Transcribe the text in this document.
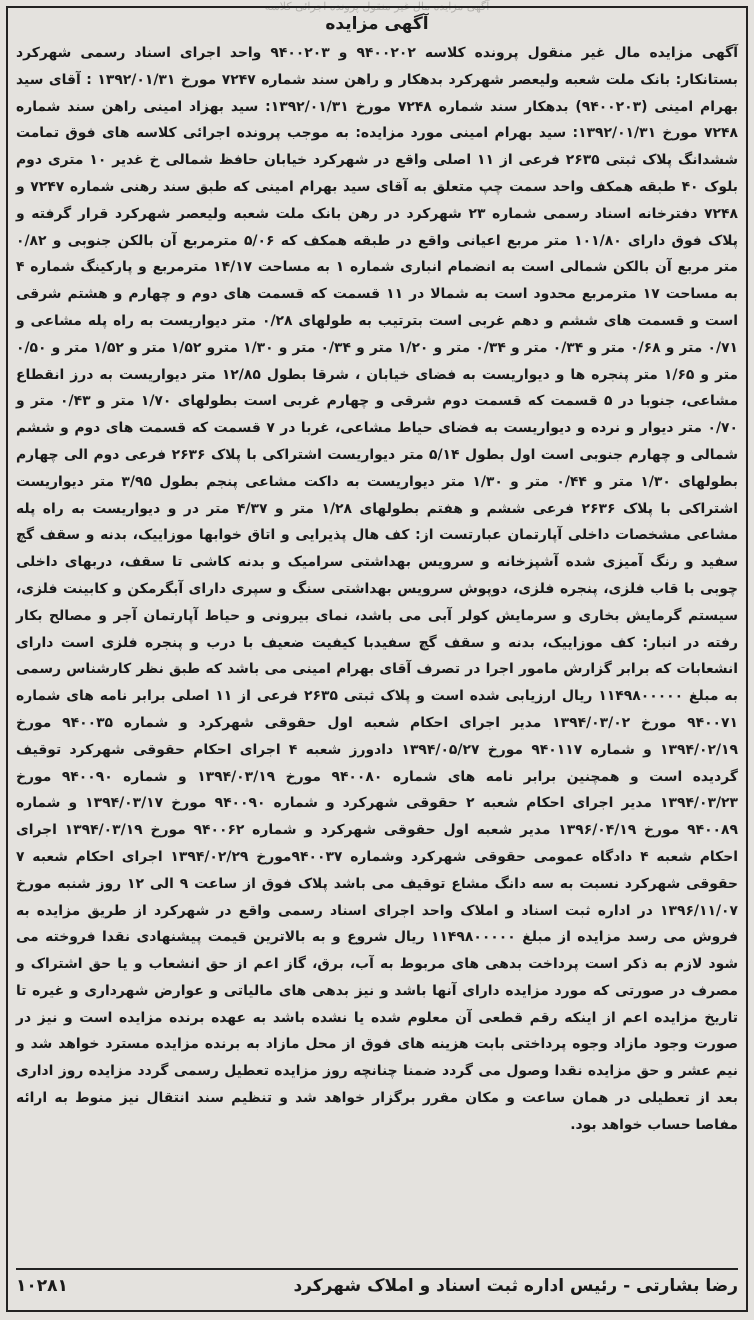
آگهی مزایده مال غیر منقول پرونده اجرائی کلاسه
آگهی مزایده

آگهی مزایده مال غیر منقول پرونده کلاسه ۹۴۰۰۲۰۲ و ۹۴۰۰۲۰۳ واحد اجرای اسناد رسمی شهرکرد بستانکار: بانک ملت شعبه ولیعصر شهرکرد بدهکار و راهن سند شماره ۷۲۴۷ مورخ ۱۳۹۲/۰۱/۳۱ : آقای سید بهرام امینی (۹۴۰۰۲۰۳) بدهکار سند شماره ۷۲۴۸ مورخ ۱۳۹۲/۰۱/۳۱: سید بهزاد امینی راهن سند شماره ۷۲۴۸ مورخ ۱۳۹۲/۰۱/۳۱: سید بهرام امینی مورد مزایده: به موجب پرونده اجرائی کلاسه های فوق تمامت ششدانگ پلاک ثبتی ۲۶۳۵ فرعی از ۱۱ اصلی واقع در شهرکرد خیابان حافظ شمالی خ غدیر ۱۰ متری دوم بلوک ۴۰ طبقه همکف واحد سمت چپ متعلق به آقای سید بهرام امینی که طبق سند رهنی شماره ۷۲۴۷ و ۷۲۴۸ دفترخانه اسناد رسمی شماره ۲۳ شهرکرد در رهن بانک ملت شعبه ولیعصر شهرکرد قرار گرفته و پلاک فوق دارای ۱۰۱/۸۰ متر مربع اعیانی واقع در طبقه همکف که ۵/۰۶ مترمربع آن بالکن جنوبی و ۰/۸۲ متر مربع آن بالکن شمالی است به انضمام انباری شماره ۱ به مساحت ۱۴/۱۷ مترمربع و پارکینگ شماره ۴ به مساحت ۱۷ مترمربع محدود است به شمالا در ۱۱ قسمت که قسمت های دوم و چهارم و هشتم شرقی است و قسمت های ششم و دهم غربی است بترتیب به طولهای ۰/۲۸ متر دیواریست به راه پله مشاعی و ۰/۷۱ متر و ۰/۶۸ متر و ۰/۳۴ متر و ۰/۳۴ متر و ۱/۲۰ متر و ۰/۳۴ متر و ۱/۳۰ مترو ۱/۵۲ متر و ۱/۵۲ متر و ۰/۵۰ متر و ۱/۶۵ متر پنجره ها و دیواریست به فضای خیابان ، شرقا بطول ۱۲/۸۵ متر دیواریست به درز انقطاع مشاعی، جنوبا در ۵ قسمت که قسمت دوم شرقی و چهارم غربی است بطولهای ۱/۷۰ متر و ۰/۴۳ متر و ۰/۷۰ متر دیوار و نرده و دیواریست به فضای حیاط مشاعی، غربا در ۷ قسمت که قسمت های دوم و ششم شمالی و چهارم جنوبی است اول بطول ۵/۱۴ متر دیواریست اشتراکی با پلاک ۲۶۳۶ فرعی دوم الی چهارم بطولهای ۱/۳۰ متر و ۰/۴۴ متر و ۱/۳۰ متر دیواریست به داکت مشاعی پنجم بطول ۳/۹۵ متر دیواریست اشتراکی با پلاک ۲۶۳۶ فرعی ششم و هفتم بطولهای ۱/۲۸ متر و ۴/۳۷ متر در و دیواریست به راه پله مشاعی مشخصات داخلی آپارتمان عبارتست از: کف هال پذیرایی و اتاق خوابها موزاییک، بدنه و سقف گچ سفید و رنگ آمیزی شده آشپزخانه و سرویس بهداشتی سرامیک و بدنه کاشی تا سقف، دربهای داخلی چوبی با قاب فلزی، پنجره فلزی، دوپوش سرویس بهداشتی سنگ و سپری دارای آبگرمکن و کابینت فلزی، سیستم گرمایش بخاری و سرمایش کولر آبی می باشد، نمای بیرونی و حیاط آپارتمان آجر و مصالح بکار رفته در انبار: کف موزاییک، بدنه و سقف گچ سفیدبا کیفیت ضعیف با درب و پنجره فلزی است دارای انشعابات که برابر گزارش مامور اجرا در تصرف آقای بهرام امینی می باشد که طبق نظر کارشناس رسمی به مبلغ ۱۱۴۹۸۰۰۰۰۰ ریال ارزیابی شده است و پلاک ثبتی ۲۶۳۵ فرعی از ۱۱ اصلی برابر نامه های شماره ۹۴۰۰۷۱ مورخ ۱۳۹۴/۰۳/۰۲ مدیر اجرای احکام شعبه اول حقوقی شهرکرد و شماره ۹۴۰۰۳۵ مورخ ۱۳۹۴/۰۲/۱۹ و شماره ۹۴۰۱۱۷ مورخ ۱۳۹۴/۰۵/۲۷ دادورز شعبه ۴ اجرای احکام حقوقی شهرکرد توقیف گردیده است و همچنین برابر نامه های شماره ۹۴۰۰۸۰ مورخ ۱۳۹۴/۰۳/۱۹ و شماره ۹۴۰۰۹۰ مورخ ۱۳۹۴/۰۳/۲۳ مدیر اجرای احکام شعبه ۲ حقوقی شهرکرد و شماره ۹۴۰۰۹۰ مورخ ۱۳۹۴/۰۳/۱۷ و شماره ۹۴۰۰۸۹ مورخ ۱۳۹۶/۰۴/۱۹ مدیر شعبه اول حقوقی شهرکرد و شماره ۹۴۰۰۶۲ مورخ ۱۳۹۴/۰۳/۱۹ اجرای احکام شعبه ۴ دادگاه عمومی حقوقی شهرکرد وشماره ۹۴۰۰۳۷مورخ ۱۳۹۴/۰۲/۲۹ اجرای احکام شعبه ۷ حقوقی شهرکرد نسبت به سه دانگ مشاع توقیف می باشد پلاک فوق از ساعت ۹ الی ۱۲ روز شنبه مورخ ۱۳۹۶/۱۱/۰۷ در اداره ثبت اسناد و املاک واحد اجرای اسناد رسمی واقع در شهرکرد از طریق مزایده به فروش می رسد مزایده از مبلغ ۱۱۴۹۸۰۰۰۰۰ ریال شروع و به بالاترین قیمت پیشنهادی نقدا فروخته می شود لازم به ذکر است پرداخت بدهی های مربوط به آب، برق، گاز اعم از حق انشعاب و یا حق اشتراک و مصرف در صورتی که مورد مزایده دارای آنها باشد و نیز بدهی های مالیاتی و عوارض شهرداری و غیره تا تاریخ مزایده اعم از اینکه رقم قطعی آن معلوم شده یا نشده باشد به عهده برنده مزایده است و نیز در صورت وجود مازاد وجوه پرداختی بابت هزینه های فوق از محل مازاد به برنده مزایده مسترد خواهد شد و نیم عشر و حق مزایده نقدا وصول می گردد ضمنا چنانچه روز مزایده تعطیل رسمی گردد مزایده روز اداری بعد از تعطیلی در همان ساعت و مکان مقرر برگزار خواهد شد و تنظیم سند انتقال نیز منوط به ارائه مفاصا حساب خواهد بود.

رضا بشارتی - رئیس اداره ثبت اسناد و املاک شهرکرد
۱۰۲۸۱
